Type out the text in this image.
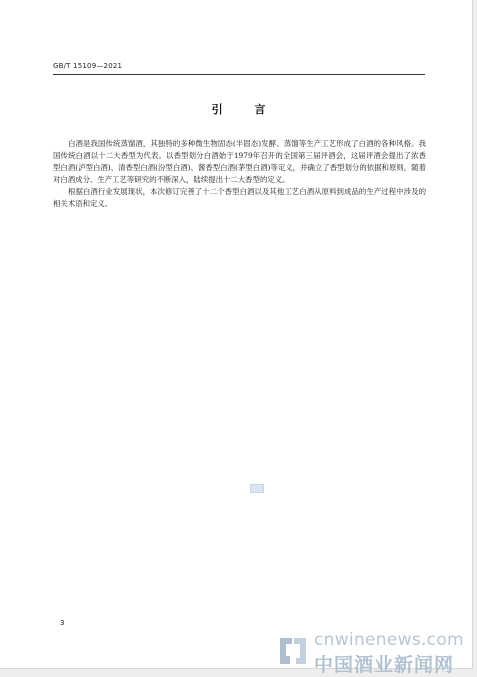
GB/T 15109—2021
引 言

白酒是我国传统蒸馏酒，其独特的多种微生物固态(半固态)发酵、蒸馏等生产工艺形成了白酒的各种风格。我国传统白酒以十二大香型为代表。以香型划分白酒始于1979年召开的全国第三届评酒会，这届评酒会提出了浓香型白酒(泸型白酒)、清香型白酒(汾型白酒)、酱香型白酒(茅型白酒)等定义，并确立了香型划分的依据和原则。随着对白酒成分、生产工艺等研究的不断深入，陆续提出十二大香型的定义。

根据白酒行业发展现状，本次修订完善了十二个香型白酒以及其他工艺白酒从原料到成品的生产过程中涉及的相关术语和定义。

3
cnwinenews.com
中国酒业新闻网
